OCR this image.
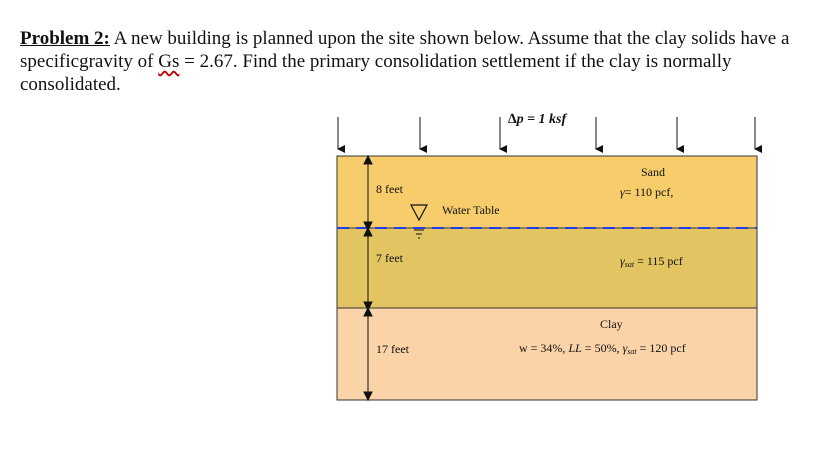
Problem 2: A new building is planned upon the site shown below. Assume that the clay solids have a specificgravity of Gs = 2.67. Find the primary consolidation settlement if the clay is normally consolidated.
∆p = 1 ksf
8 feet
7 feet
17 feet
Water Table
Sand
γ= 110 pcf,
γsat = 115 pcf
Clay
w = 34%, LL = 50%, γsat = 120 pcf
